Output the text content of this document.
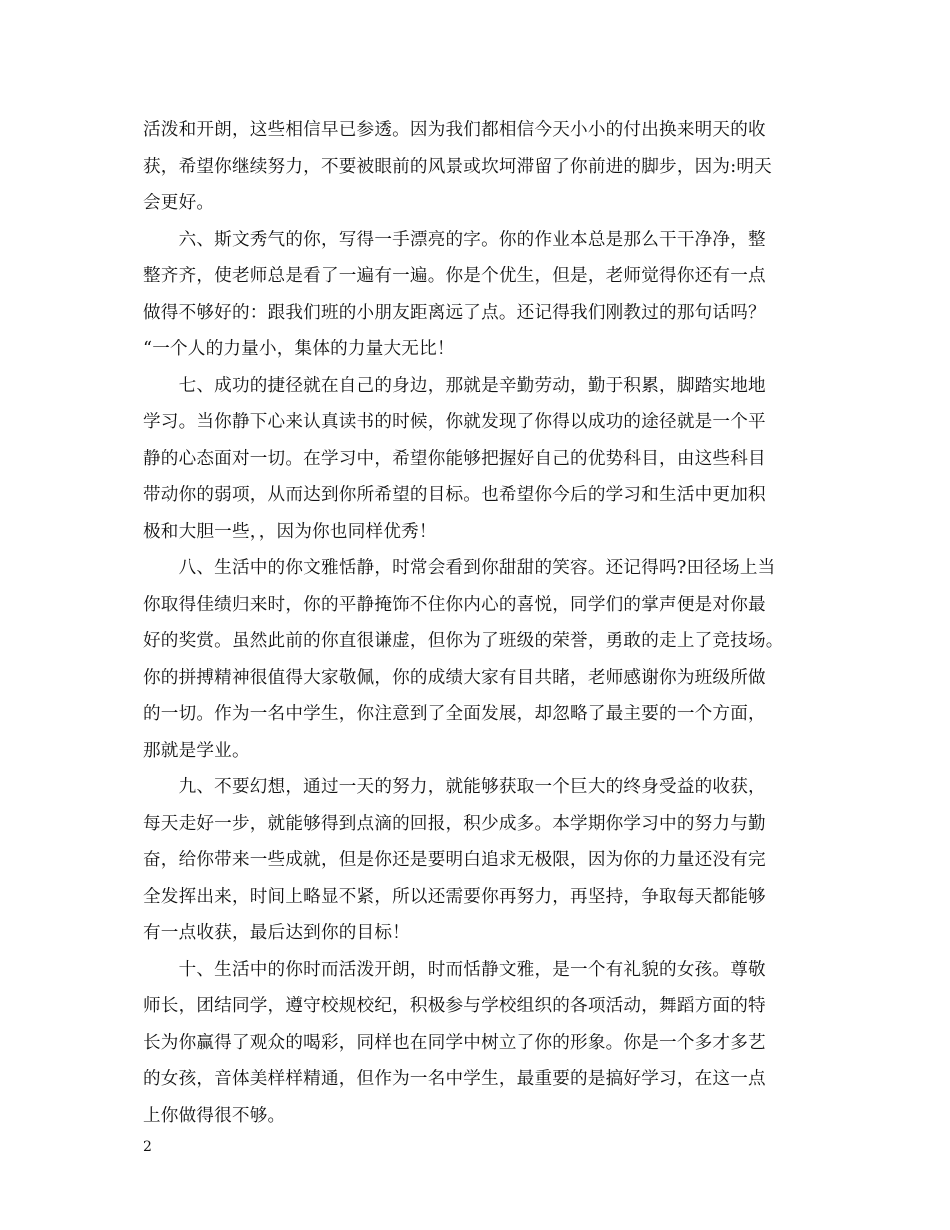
活泼和开朗，这些相信早已参透。因为我们都相信今天小小的付出换来明天的收
获，希望你继续努力，不要被眼前的风景或坎坷滞留了你前进的脚步，因为:明天
会更好。

　　六、斯文秀气的你，写得一手漂亮的字。你的作业本总是那么干干净净，整
整齐齐，使老师总是看了一遍有一遍。你是个优生，但是，老师觉得你还有一点
做得不够好的：跟我们班的小朋友距离远了点。还记得我们刚教过的那句话吗？
“一个人的力量小，集体的力量大无比！

　　七、成功的捷径就在自己的身边，那就是辛勤劳动，勤于积累，脚踏实地地
学习。当你静下心来认真读书的时候，你就发现了你得以成功的途径就是一个平
静的心态面对一切。在学习中，希望你能够把握好自己的优势科目，由这些科目
带动你的弱项，从而达到你所希望的目标。也希望你今后的学习和生活中更加积
极和大胆一些，，因为你也同样优秀！

　　八、生活中的你文雅恬静，时常会看到你甜甜的笑容。还记得吗?田径场上当
你取得佳绩归来时，你的平静掩饰不住你内心的喜悦，同学们的掌声便是对你最
好的奖赏。虽然此前的你直很谦虚，但你为了班级的荣誉，勇敢的走上了竞技场。
你的拼搏精神很值得大家敬佩，你的成绩大家有目共睹，老师感谢你为班级所做
的一切。作为一名中学生，你注意到了全面发展，却忽略了最主要的一个方面，
那就是学业。

　　九、不要幻想，通过一天的努力，就能够获取一个巨大的终身受益的收获，
每天走好一步，就能够得到点滴的回报，积少成多。本学期你学习中的努力与勤
奋，给你带来一些成就，但是你还是要明白追求无极限，因为你的力量还没有完
全发挥出来，时间上略显不紧，所以还需要你再努力，再坚持，争取每天都能够
有一点收获，最后达到你的目标！

　　十、生活中的你时而活泼开朗，时而恬静文雅，是一个有礼貌的女孩。尊敬
师长，团结同学，遵守校规校纪，积极参与学校组织的各项活动，舞蹈方面的特
长为你赢得了观众的喝彩，同样也在同学中树立了你的形象。你是一个多才多艺
的女孩，音体美样样精通，但作为一名中学生，最重要的是搞好学习，在这一点
上你做得很不够。

2
